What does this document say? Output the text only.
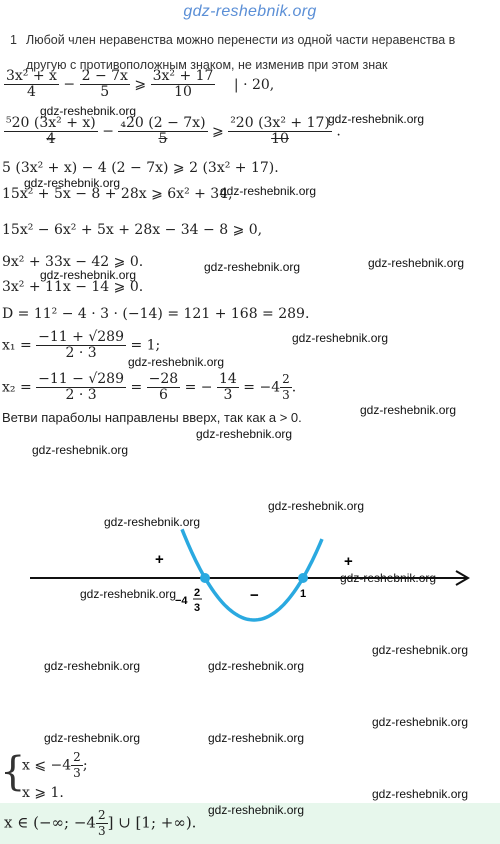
gdz-reshebnik.org
1 Любой член неравенства можно перенести из одной части неравенства в
другую с противоположным знаком, не изменив при этом знак
$\frac{\text{3x² + x}}{4} - \frac{2 - 7x}{5}$ ⩾ $\frac{\text{3x² + 17}}{10}$ | · 20,
$\frac{\text{⁵20 (3x² + x)}}{4} - \frac{\text{₄20 (2 − 7x)}}{5}$ ⩾ $\frac{\text{²20 (3x² + 17)}}{10}$ .
5 (3x² + x) − 4 (2 − 7x) ⩾ 2 (3x² + 17).
15x² + 5x − 8 + 28x ⩾ 6x² + 34,
15x² − 6x² + 5x + 28x − 34 − 8 ⩾ 0,
9x² + 33x − 42 ⩾ 0.
3x² + 11x − 14 ⩾ 0.
D = 11² − 4 · 3 · (−14) = 121 + 168 = 289.
$x_1 = \frac{-11 + √289}{2 \cdot 3} = 1$;
$x_2 = \frac{-11 - √289}{2 \cdot 3} = \frac{-28}{6}$ = − $\frac{14}{3} = -4 \frac{2}{3}$ .
Ветви параболы направлены вверх, так как a > 0.
+
−
+
−4
2
3
1
{
x ⩽ $-4 \frac{2}{3}$ ;
x ⩾ 1.
x ∈ (−∞; $-4 \frac{2}{3}$ ] ∪ [1; +∞).
gdz-reshebnik.org
gdz-reshebnik.org
gdz-reshebnik.org
gdz-reshebnik.org
gdz-reshebnik.org
gdz-reshebnik.org	gdz-reshebnik.org
gdz-reshebnik.org
gdz-reshebnik.org
gdz-reshebnik.org
gdz-reshebnik.org
gdz-reshebnik.org
gdz-reshebnik.org
gdz-reshebnik.org
gdz-reshebnik.org
gdz-reshebnik.org
gdz-reshebnik.org
gdz-reshebnik.org	gdz-reshebnik.org
gdz-reshebnik.org
gdz-reshebnik.org	gdz-reshebnik.org
gdz-reshebnik.org
gdz-reshebnik.org
